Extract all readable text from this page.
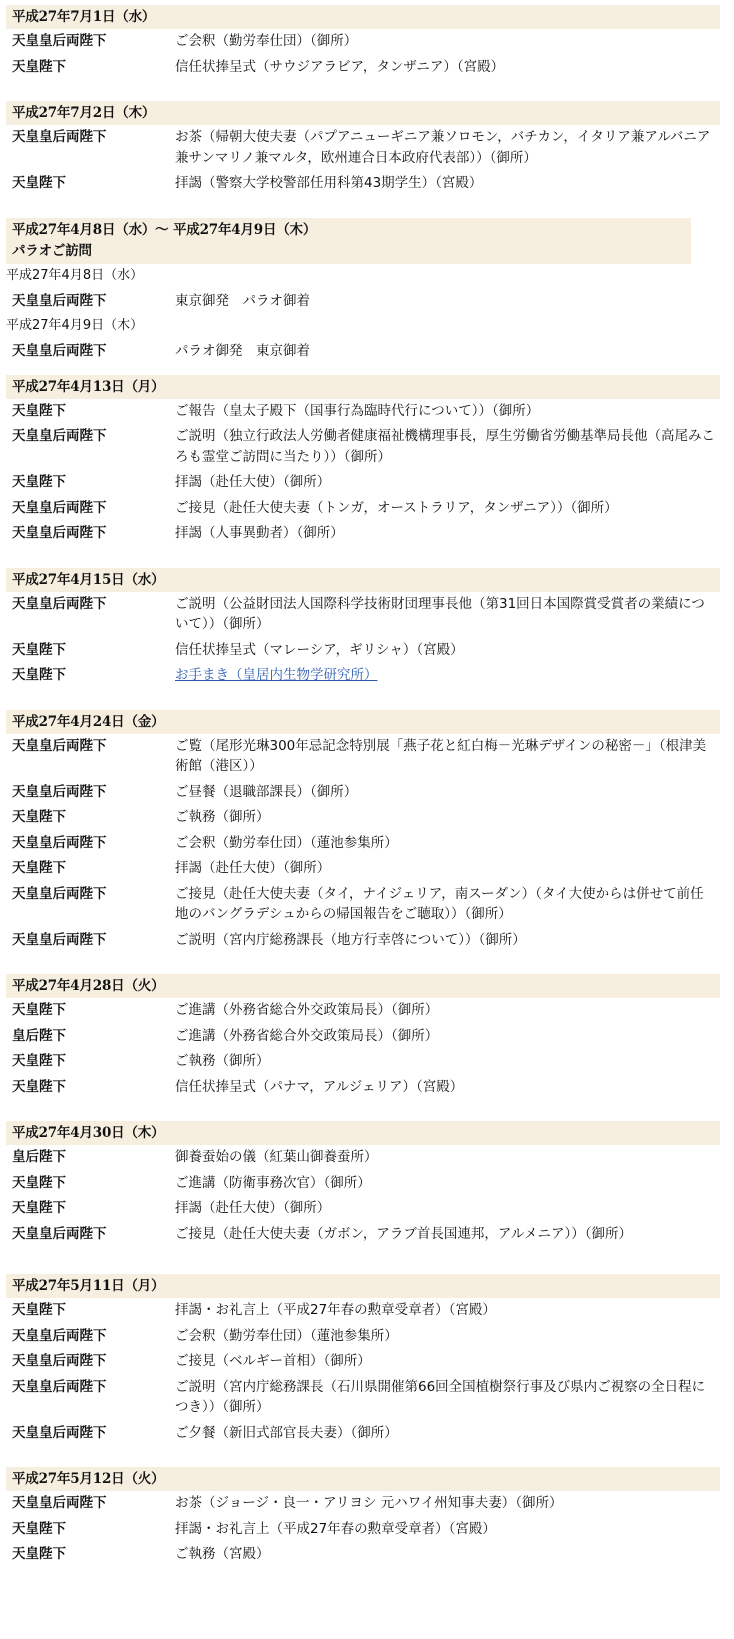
平成27年7月1日（水）
天皇皇后両陛下	ご会釈（勤労奉仕団）（御所）
天皇陛下	信任状捧呈式（サウジアラビア，タンザニア）（宮殿）
平成27年7月2日（木）
天皇皇后両陛下	お茶（帰朝大使夫妻（パプアニューギニア兼ソロモン，バチカン，イタリア兼アルバニア兼サンマリノ兼マルタ，欧州連合日本政府代表部））（御所）
天皇陛下	拝謁（警察大学校警部任用科第43期学生）（宮殿）
平成27年4月8日（水）～ 平成27年4月9日（木）
パラオご訪問
平成27年4月8日（水）
天皇皇后両陛下	東京御発　パラオ御着
平成27年4月9日（木）
天皇皇后両陛下	パラオ御発　東京御着
平成27年4月13日（月）
天皇陛下	ご報告（皇太子殿下（国事行為臨時代行について））（御所）
天皇皇后両陛下	ご説明（独立行政法人労働者健康福祉機構理事長，厚生労働省労働基準局長他（高尾みころも霊堂ご訪問に当たり））（御所）
天皇陛下	拝謁（赴任大使）（御所）
天皇皇后両陛下	ご接見（赴任大使夫妻（トンガ，オーストラリア，タンザニア））（御所）
天皇皇后両陛下	拝謁（人事異動者）（御所）
平成27年4月15日（水）
天皇皇后両陛下	ご説明（公益財団法人国際科学技術財団理事長他（第31回日本国際賞受賞者の業績について））（御所）
天皇陛下	信任状捧呈式（マレーシア，ギリシャ）（宮殿）
天皇陛下	お手まき（皇居内生物学研究所）
平成27年4月24日（金）
天皇皇后両陛下	ご覧（尾形光琳300年忌記念特別展「燕子花と紅白梅－光琳デザインの秘密－」（根津美術館（港区））
天皇皇后両陛下	ご昼餐（退職部課長）（御所）
天皇陛下	ご執務（御所）
天皇皇后両陛下	ご会釈（勤労奉仕団）（蓮池参集所）
天皇陛下	拝謁（赴任大使）（御所）
天皇皇后両陛下	ご接見（赴任大使夫妻（タイ，ナイジェリア，南スーダン）（タイ大使からは併せて前任地のバングラデシュからの帰国報告をご聴取））（御所）
天皇皇后両陛下	ご説明（宮内庁総務課長（地方行幸啓について））（御所）
平成27年4月28日（火）
天皇陛下	ご進講（外務省総合外交政策局長）（御所）
皇后陛下	ご進講（外務省総合外交政策局長）（御所）
天皇陛下	ご執務（御所）
天皇陛下	信任状捧呈式（パナマ，アルジェリア）（宮殿）
平成27年4月30日（木）
皇后陛下	御養蚕始の儀（紅葉山御養蚕所）
天皇陛下	ご進講（防衛事務次官）（御所）
天皇陛下	拝謁（赴任大使）（御所）
天皇皇后両陛下	ご接見（赴任大使夫妻（ガボン，アラブ首長国連邦，アルメニア））（御所）
平成27年5月11日（月）
天皇陛下	拝謁・お礼言上（平成27年春の勲章受章者）（宮殿）
天皇皇后両陛下	ご会釈（勤労奉仕団）（蓮池参集所）
天皇皇后両陛下	ご接見（ベルギー首相）（御所）
天皇皇后両陛下	ご説明（宮内庁総務課長（石川県開催第66回全国植樹祭行事及び県内ご視察の全日程につき））（御所）
天皇皇后両陛下	ご夕餐（新旧式部官長夫妻）（御所）
平成27年5月12日（火）
天皇皇后両陛下	お茶（ジョージ・良一・アリヨシ 元ハワイ州知事夫妻）（御所）
天皇陛下	拝謁・お礼言上（平成27年春の勲章受章者）（宮殿）
天皇陛下	ご執務（宮殿）
